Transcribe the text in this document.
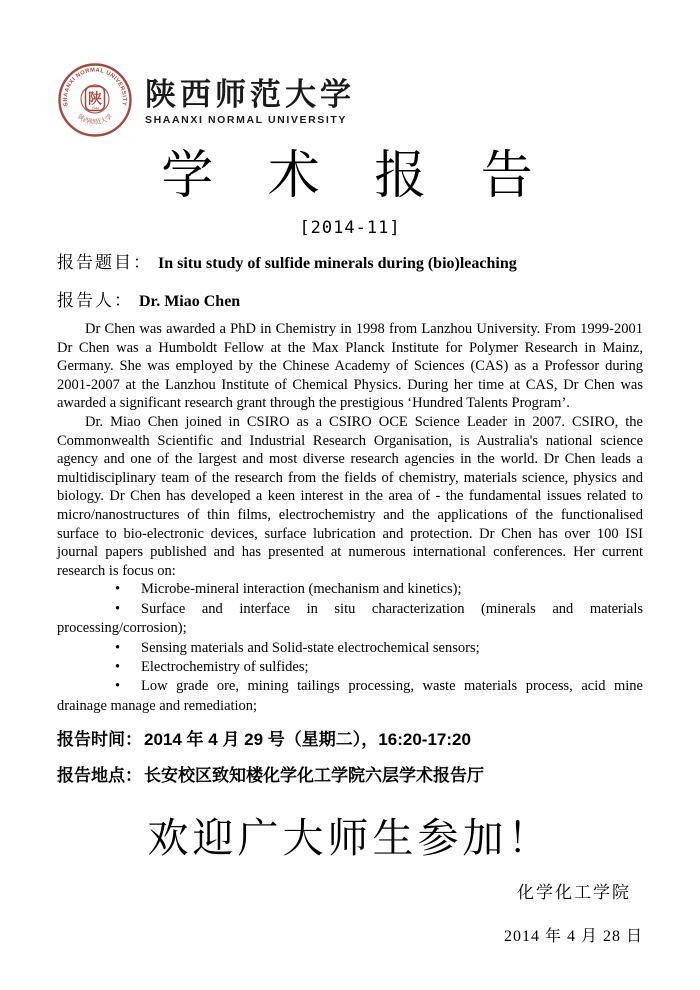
SHAANXI NORMAL UNIVERSITY
陕西师范大学
陕
1944 陕西师范大学
SHAANXI NORMAL UNIVERSITY
学 术 报 告
[2014-11]
报告题目： In situ study of sulfide minerals during (bio)leaching
报告人： Dr. Miao Chen

Dr Chen was awarded a PhD in Chemistry in 1998 from Lanzhou University. From 1999-2001 Dr Chen was a Humboldt Fellow at the Max Planck Institute for Polymer Research in Mainz, Germany. She was employed by the Chinese Academy of Sciences (CAS) as a Professor during 2001-2007 at the Lanzhou Institute of Chemical Physics. During her time at CAS, Dr Chen was awarded a significant research grant through the prestigious ‘Hundred Talents Program’.

Dr. Miao Chen joined in CSIRO as a CSIRO OCE Science Leader in 2007. CSIRO, the Commonwealth Scientific and Industrial Research Organisation, is Australia's national science agency and one of the largest and most diverse research agencies in the world. Dr Chen leads a multidisciplinary team of the research from the fields of chemistry, materials science, physics and biology. Dr Chen has developed a keen interest in the area of - the fundamental issues related to micro/nanostructures of thin films, electrochemistry and the applications of the functionalised surface to bio-electronic devices, surface lubrication and protection. Dr Chen has over 100 ISI journal papers published and has presented at numerous international conferences. Her current research is focus on:

• Microbe-mineral interaction (mechanism and kinetics);
• Surface and interface in situ characterization (minerals and materials processing/corrosion);
• Sensing materials and Solid-state electrochemical sensors;
• Electrochemistry of sulfides;
• Low grade ore, mining tailings processing, waste materials process, acid mine drainage manage and remediation;
报告时间： 2014 年 4 月 29 号（星期二），16:20-17:20
报告地点： 长安校区致知楼化学化工学院六层学术报告厅
欢迎广大师生参加！
化学化工学院
2014 年 4 月 28 日
